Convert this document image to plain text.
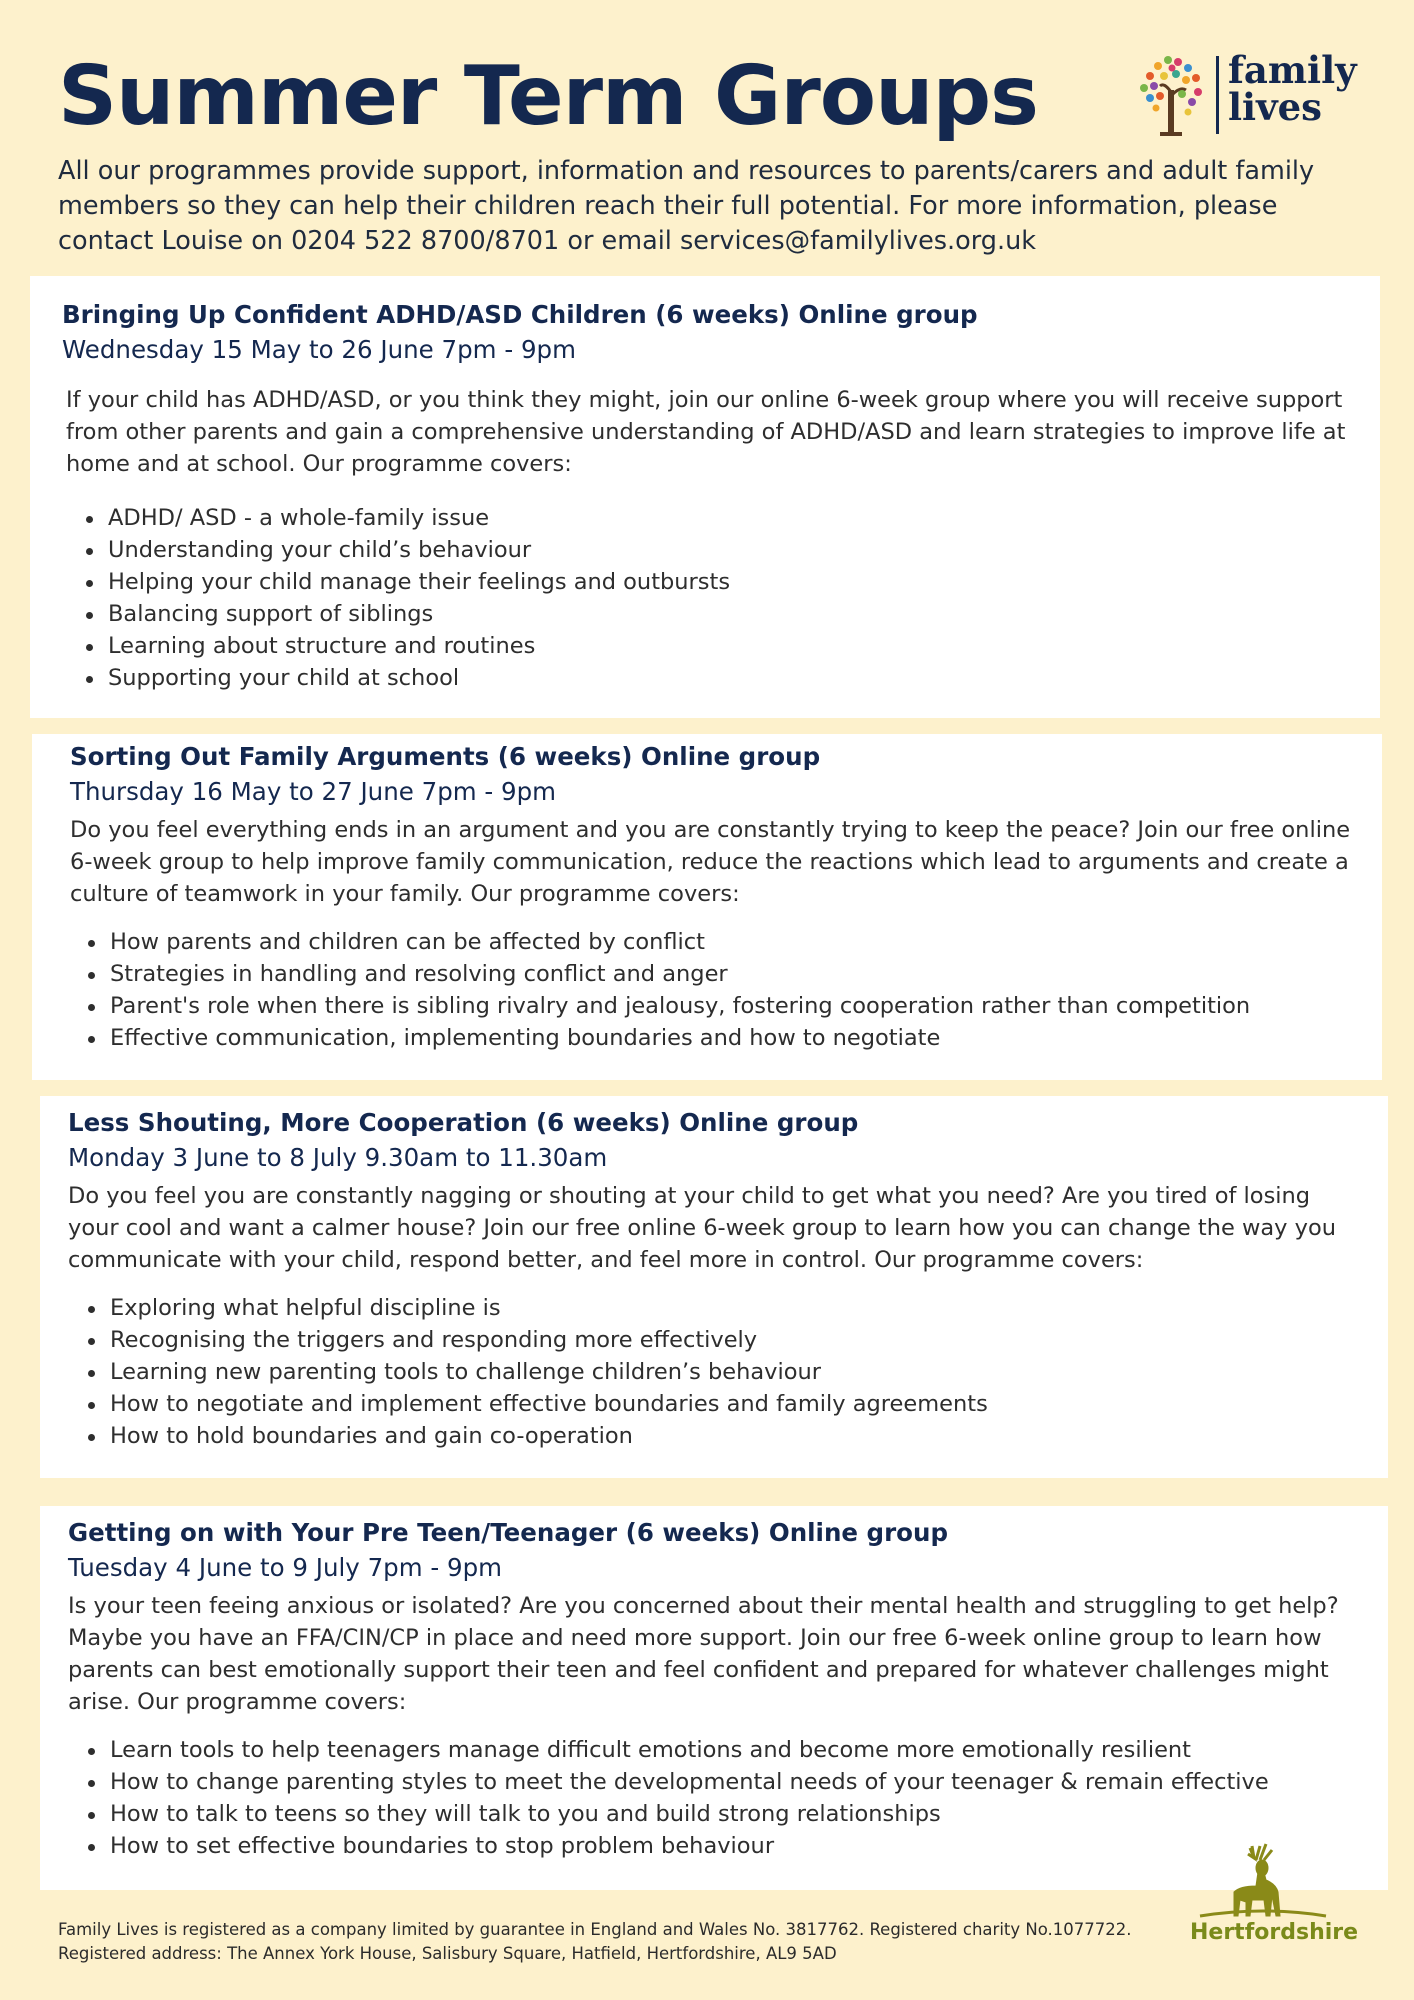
Summer Term Groups	family
lives

All our programmes provide support, information and resources to parents/carers and adult family members so they can help their children reach their full potential. For more information, please contact Louise on 0204 522 8700/8701 or email services@familylives.org.uk

Bringing Up Confident ADHD/ASD Children (6 weeks) Online group

Wednesday 15 May to 26 June 7pm - 9pm

If your child has ADHD/ASD, or you think they might, join our online 6-week group where you will receive support from other parents and gain a comprehensive understanding of ADHD/ASD and learn strategies to improve life at home and at school. Our programme covers:

ADHD/ ASD - a whole-family issue
Understanding your child’s behaviour
Helping your child manage their feelings and outbursts
Balancing support of siblings
Learning about structure and routines
Supporting your child at school
Sorting Out Family Arguments (6 weeks) Online group

Thursday 16 May to 27 June 7pm - 9pm

Do you feel everything ends in an argument and you are constantly trying to keep the peace? Join our free online 6-week group to help improve family communication, reduce the reactions which lead to arguments and create a culture of teamwork in your family. Our programme covers:

How parents and children can be affected by conflict
Strategies in handling and resolving conflict and anger
Parent's role when there is sibling rivalry and jealousy, fostering cooperation rather than competition
Effective communication, implementing boundaries and how to negotiate
Less Shouting, More Cooperation (6 weeks) Online group

Monday 3 June to 8 July 9.30am to 11.30am

Do you feel you are constantly nagging or shouting at your child to get what you need? Are you tired of losing your cool and want a calmer house? Join our free online 6-week group to learn how you can change the way you communicate with your child, respond better, and feel more in control. Our programme covers:

Exploring what helpful discipline is
Recognising the triggers and responding more effectively
Learning new parenting tools to challenge children’s behaviour
How to negotiate and implement effective boundaries and family agreements
How to hold boundaries and gain co-operation
Getting on with Your Pre Teen/Teenager (6 weeks) Online group

Tuesday 4 June to 9 July 7pm - 9pm

Is your teen feeing anxious or isolated? Are you concerned about their mental health and struggling to get help? Maybe you have an FFA/CIN/CP in place and need more support. Join our free 6-week online group to learn how parents can best emotionally support their teen and feel confident and prepared for whatever challenges might arise. Our programme covers:

Learn tools to help teenagers manage difficult emotions and become more emotionally resilient
How to change parenting styles to meet the developmental needs of your teenager & remain effective
How to talk to teens so they will talk to you and build strong relationships
How to set effective boundaries to stop problem behaviour

Family Lives is registered as a company limited by guarantee in England and Wales No. 3817762. Registered charity No.1077722. Registered address: The Annex York House, Salisbury Square, Hatfield, Hertfordshire, AL9 5AD

Hertfordshire
